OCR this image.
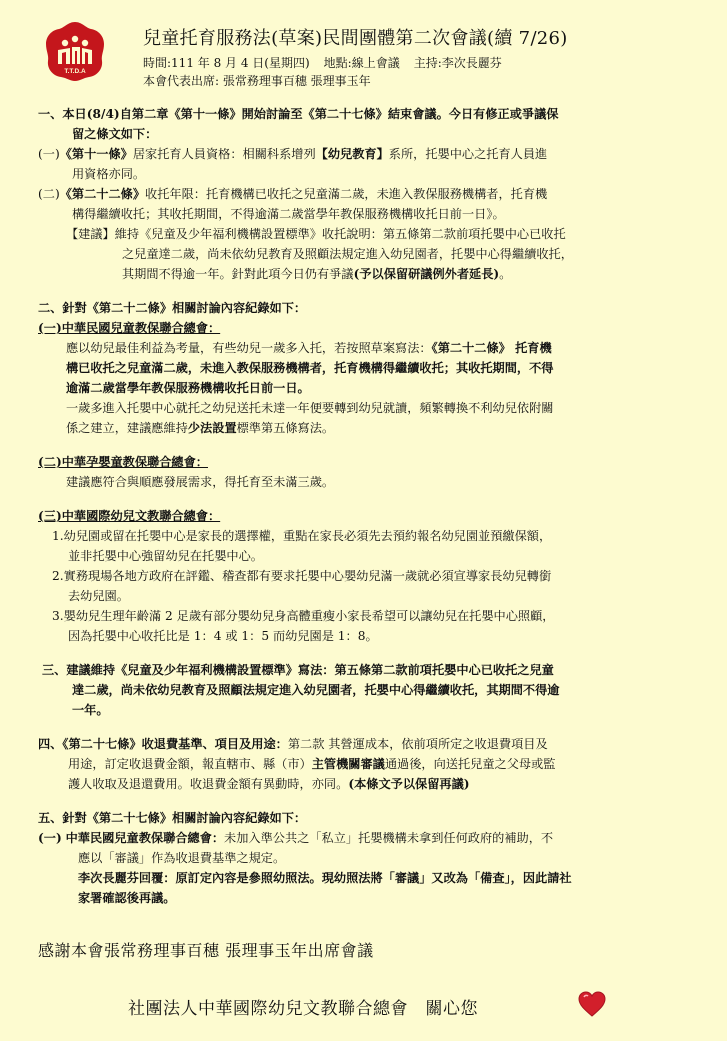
T.T.D.A
兒童托育服務法(草案)民間團體第二次會議(續 7/26)
時間:111 年 8 月 4 日(星期四) 地點:線上會議 主持:李次長麗芬
本會代表出席: 張常務理事百穗 張理事玉年

一、本日(8/4)自第二章《第十一條》開始討論至《第二十七條》結束會議。今日有修正或爭議保

留之條文如下：

(一)《第十一條》居家托育人員資格：相關科系增列【幼兒教育】系所，托嬰中心之托育人員進

用資格亦同。

(二)《第二十二條》收托年限：托育機構已收托之兒童滿二歲，未進入教保服務機構者，托育機

構得繼續收托；其收托期間，不得逾滿二歲當學年教保服務機構收托日前一日》。

【建議】維持《兒童及少年福利機構設置標準》收托說明：第五條第二款前項托嬰中心已收托

之兒童達二歲，尚未依幼兒教育及照顧法規定進入幼兒園者，托嬰中心得繼續收托，

其期間不得逾一年。針對此項今日仍有爭議(予以保留研議例外者延長)。

二、針對《第二十二條》相關討論內容紀錄如下：

(一)中華民國兒童教保聯合總會：

應以幼兒最佳利益為考量，有些幼兒一歲多入托，若按照草案寫法：《第二十二條》 托育機

構已收托之兒童滿二歲，未進入教保服務機構者，托育機構得繼續收托；其收托期間，不得

逾滿二歲當學年教保服務機構收托日前一日。

一歲多進入托嬰中心就托之幼兒送托未達一年便要轉到幼兒就讀，頻繁轉換不利幼兒依附關

係之建立，建議應維持少法設置標準第五條寫法。

(二)中華孕嬰童教保聯合總會：

建議應符合與順應發展需求，得托育至未滿三歲。

(三)中華國際幼兒文教聯合總會：

1.幼兒園或留在托嬰中心是家長的選擇權，重點在家長必須先去預約報名幼兒園並預繳保額，

並非托嬰中心強留幼兒在托嬰中心。

2.實務現場各地方政府在評鑑、稽查都有要求托嬰中心嬰幼兒滿一歲就必須宣導家長幼兒轉銜

去幼兒園。

3.嬰幼兒生理年齡滿 2 足歲有部分嬰幼兒身高體重瘦小家長希望可以讓幼兒在托嬰中心照顧，

因為托嬰中心收托比是 1：4 或 1：5 而幼兒園是 1：8。

三、建議維持《兒童及少年福利機構設置標準》寫法：第五條第二款前項托嬰中心已收托之兒童

達二歲，尚未依幼兒教育及照顧法規定進入幼兒園者，托嬰中心得繼續收托，其期間不得逾

一年。

四、《第二十七條》收退費基準、項目及用途：第二款 其營運成本，依前項所定之收退費項目及

用途，訂定收退費金額，報直轄市、縣（市）主管機關審議通過後，向送托兒童之父母或監

護人收取及退還費用。收退費金額有異動時，亦同。(本條文予以保留再議)

五、針對《第二十七條》相關討論內容紀錄如下：

(一) 中華民國兒童教保聯合總會：未加入準公共之「私立」托嬰機構未拿到任何政府的補助，不

應以「審議」作為收退費基準之規定。

李次長麗芬回覆：原訂定內容是參照幼照法。現幼照法將「審議」又改為「備查」，因此請社

家署確認後再議。

感謝本會張常務理事百穗 張理事玉年出席會議
社團法人中華國際幼兒文教聯合總會　關心您
